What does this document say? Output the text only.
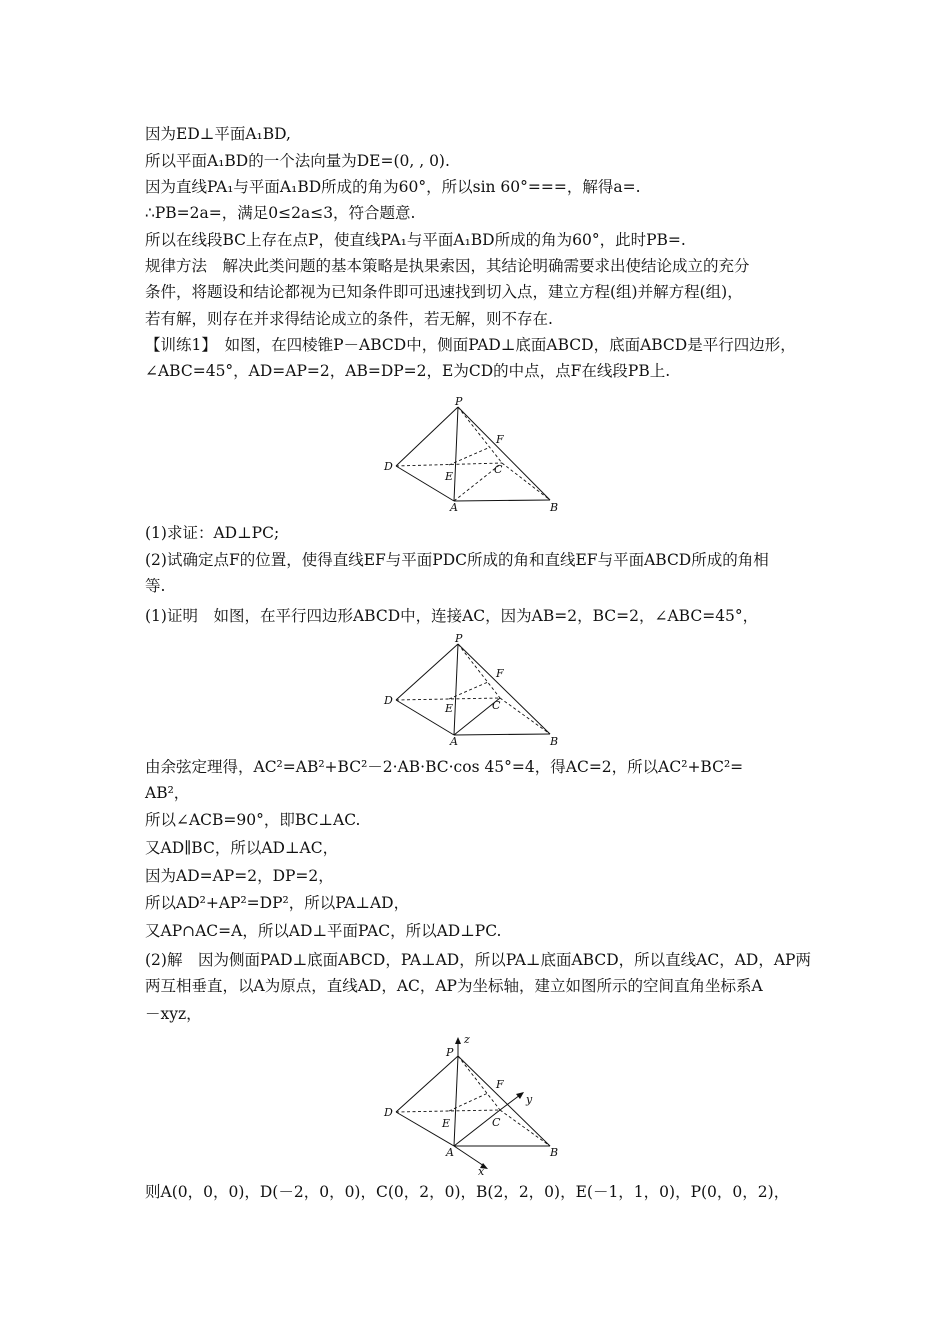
因为ED⊥平面A₁BD,
所以平面A₁BD的一个法向量为DE=(0, , 0).
因为直线PA₁与平面A₁BD所成的角为60°，所以sin 60°===，解得a=.
∴PB=2a=，满足0≤2a≤3，符合题意.
所以在线段BC上存在点P，使直线PA₁与平面A₁BD所成的角为60°，此时PB=.
规律方法　解决此类问题的基本策略是执果索因，其结论明确需要求出使结论成立的充分
条件，将题设和结论都视为已知条件即可迅速找到切入点，建立方程(组)并解方程(组)，
若有解，则存在并求得结论成立的条件，若无解，则不存在.
【训练1】　如图，在四棱锥P－ABCD中，侧面PAD⊥底面ABCD，底面ABCD是平行四边形，
∠ABC=45°，AD=AP=2，AB=DP=2，E为CD的中点，点F在线段PB上.
P
F
D	C
E
A	B
(1)求证：AD⊥PC;
(2)试确定点F的位置，使得直线EF与平面PDC所成的角和直线EF与平面ABCD所成的角相
等.
(1)证明　如图，在平行四边形ABCD中，连接AC，因为AB=2，BC=2，∠ABC=45°，
P
F
D	C
E
A	B
由余弦定理得，AC²=AB²+BC²－2·AB·BC·cos 45°=4，得AC=2，所以AC²+BC²=
AB²，
所以∠ACB=90°，即BC⊥AC.
又AD∥BC，所以AD⊥AC，
因为AD=AP=2，DP=2，
所以AD²+AP²=DP²，所以PA⊥AD，
又AP∩AC=A，所以AD⊥平面PAC，所以AD⊥PC.
(2)解　因为侧面PAD⊥底面ABCD，PA⊥AD，所以PA⊥底面ABCD，所以直线AC，AD，AP两
两互相垂直，以A为原点，直线AD，AC，AP为坐标轴，建立如图所示的空间直角坐标系A
－xyz，
z
y
x
P
F
D
C
E
A	B
则A(0，0，0)，D(－2，0，0)，C(0，2，0)，B(2，2，0)，E(－1，1，0)，P(0，0，2)，
